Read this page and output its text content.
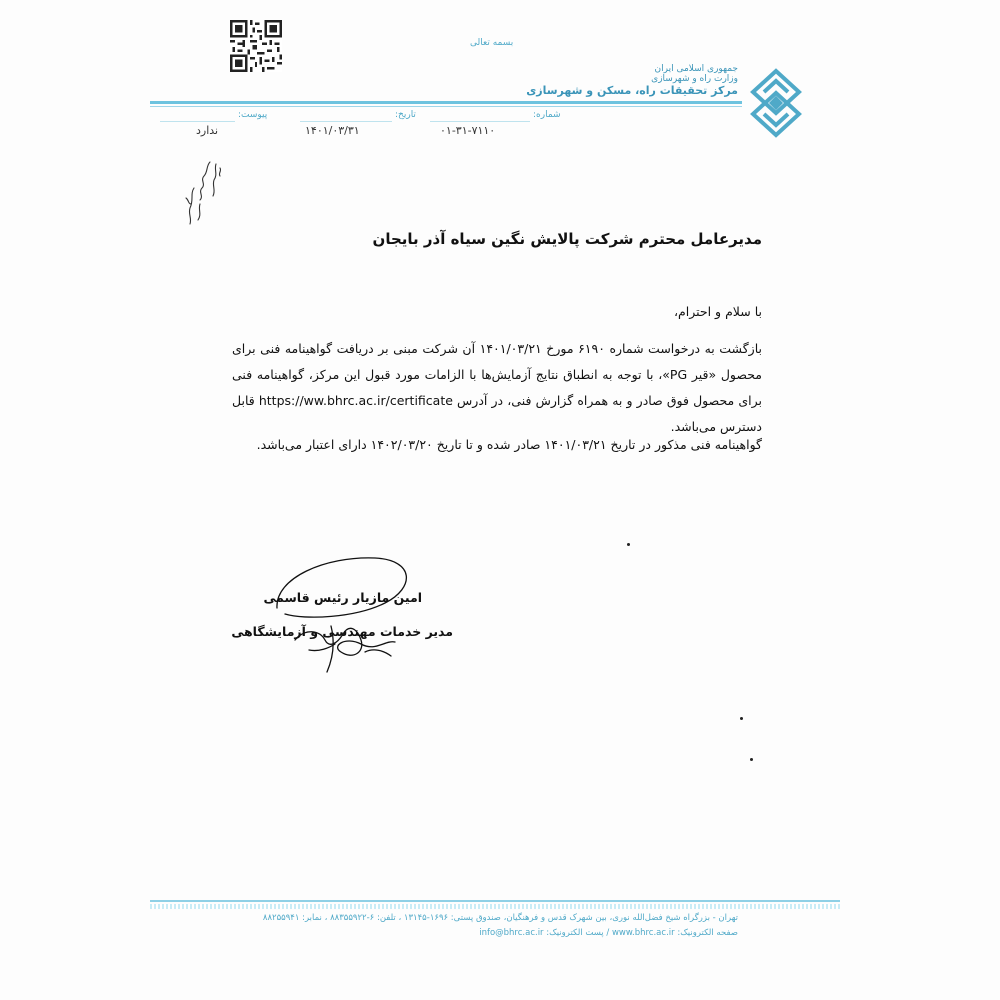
بسمه تعالی
جمهوری اسلامی ایران
وزارت راه و شهرسازی
مرکز تحقیقات راه، مسکن و شهرسازی
شماره:
۰۱-۳۱-۷۱۱۰
تاریخ:
۱۴۰۱/۰۳/۳۱
پیوست:
ندارد
مدیرعامل محترم شرکت پالایش نگین سیاه آذر بایجان
با سلام و احترام،
بازگشت به درخواست شماره ۶۱۹۰ مورخ ۱۴۰۱/۰۳/۲۱ آن شرکت مبنی بر دریافت گواهینامه فنی برای محصول «قیر PG»، با توجه به انطباق نتایج آزمایش‌ها با الزامات مورد قبول این مرکز، گواهینامه فنی برای محصول فوق صادر و به همراه گزارش فنی، در آدرس https://ww.bhrc.ac.ir/certificate قابل دسترس می‌باشد.
گواهینامه فنی مذکور در تاریخ ۱۴۰۱/۰۳/۲۱ صادر شده و تا تاریخ ۱۴۰۲/۰۳/۲۰ دارای اعتبار می‌باشد.
امین مازیار رئیس قاسمی
مدیر خدمات مهندسی و آزمایشگاهی
تهران - بزرگراه شیخ فضل‌الله نوری، بین شهرک قدس و فرهنگیان، صندوق پستی: ۱۶۹۶-۱۳۱۴۵ ، تلفن: ۶-۸۸۳۵۵۹۲۲ ، نمابر: ۸۸۲۵۵۹۴۱
صفحه الکترونیک: www.bhrc.ac.ir / پست الکترونیک: info@bhrc.ac.ir
